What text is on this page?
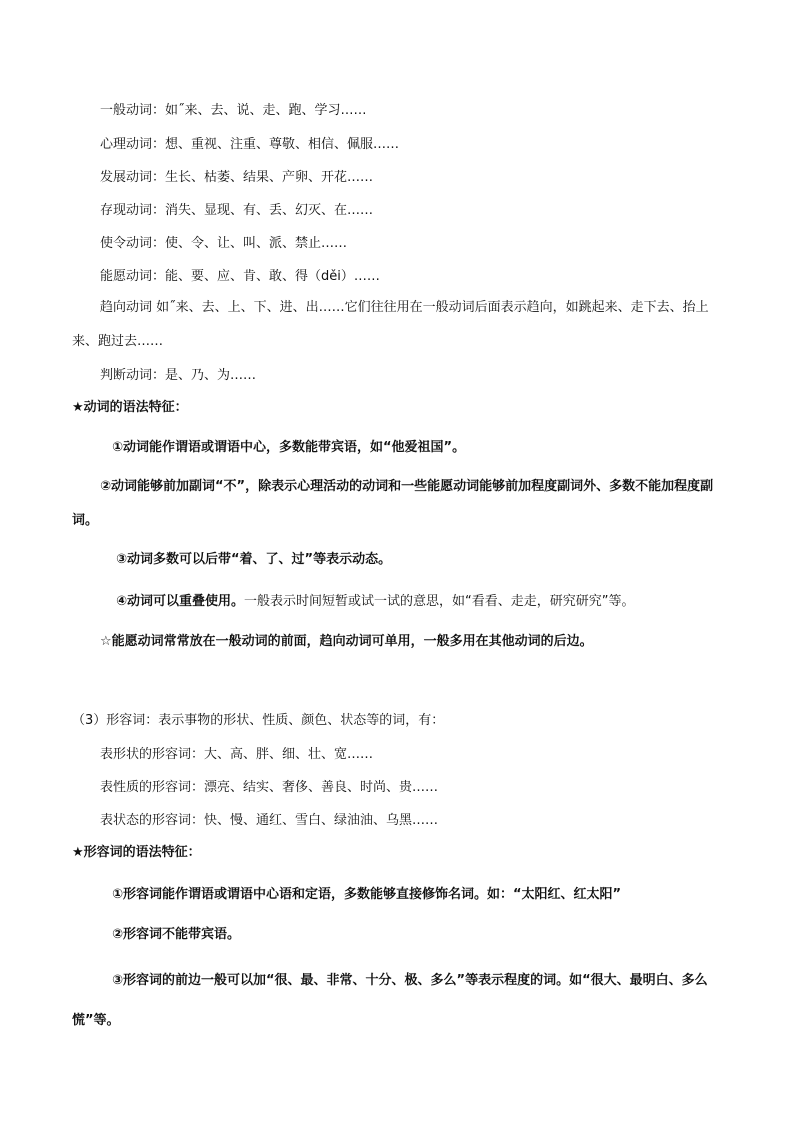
一般动词：如˝来、去、说、走、跑、学习……
心理动词：想、重视、注重、尊敬、相信、佩服……
发展动词：生长、枯萎、结果、产卵、开花……
存现动词：消失、显现、有、丢、幻灭、在……
使令动词：使、令、让、叫、派、禁止……
能愿动词：能、要、应、肯、敢、得（děi）……
趋向动词 如˝来、去、上、下、进、出……它们往往用在一般动词后面表示趋向，如跳起来、走下去、抬上来、跑过去……
判断动词：是、乃、为……
★动词的语法特征：
①动词能作谓语或谓语中心，多数能带宾语，如“他爱祖国”。
②动词能够前加副词“不”，除表示心理活动的动词和一些能愿动词能够前加程度副词外、多数不能加程度副词。
③动词多数可以后带“着、了、过”等表示动态。
④动词可以重叠使用。一般表示时间短暂或试一试的意思，如“看看、走走，研究研究”等。
☆能愿动词常常放在一般动词的前面，趋向动词可单用，一般多用在其他动词的后边。
（3）形容词：表示事物的形状、性质、颜色、状态等的词，有：
表形状的形容词：大、高、胖、细、壮、宽……
表性质的形容词：漂亮、结实、奢侈、善良、时尚、贵……
表状态的形容词：快、慢、通红、雪白、绿油油、乌黑……
★形容词的语法特征：
①形容词能作谓语或谓语中心语和定语，多数能够直接修饰名词。如：“太阳红、红太阳”
②形容词不能带宾语。
③形容词的前边一般可以加“很、最、非常、十分、极、多么”等表示程度的词。如“很大、最明白、多么慌”等。
